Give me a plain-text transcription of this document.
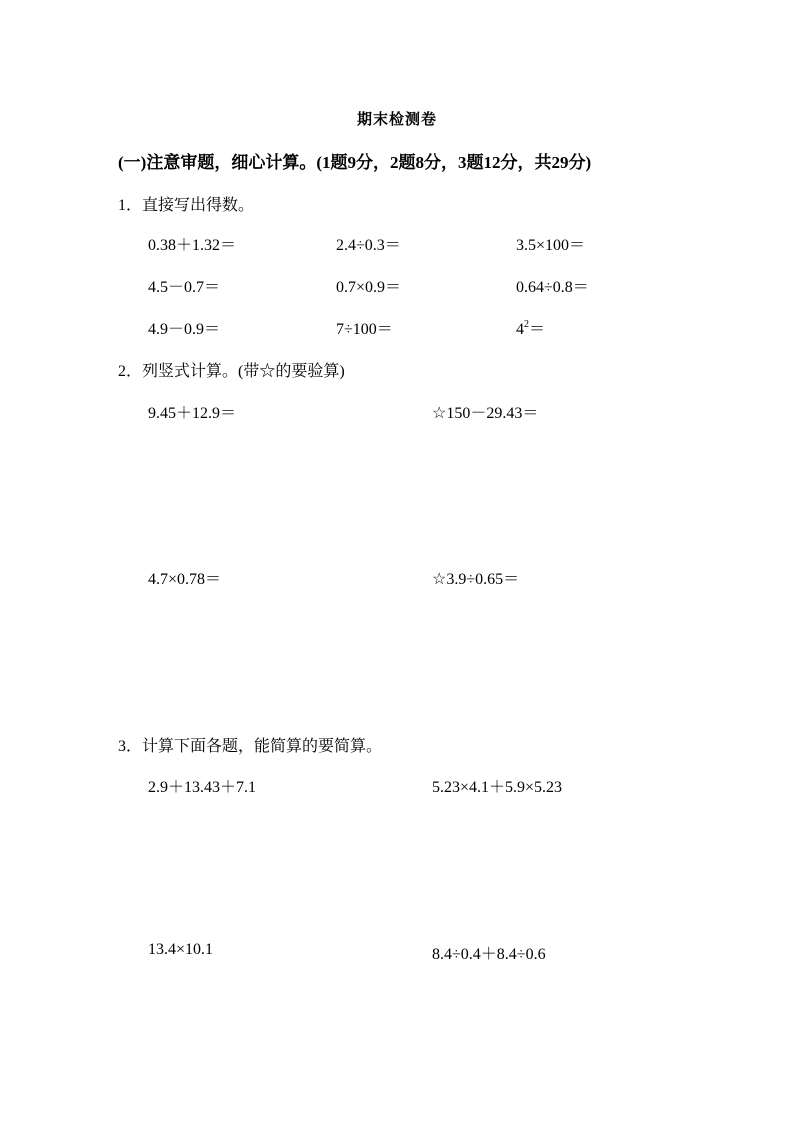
期末检测卷
(一)注意审题，细心计算。(1题9分，2题8分，3题12分，共29分)
1．直接写出得数。
0.38＋1.32＝	2.4÷0.3＝	3.5×100＝
4.5－0.7＝	0.7×0.9＝	0.64÷0.8＝
4.9－0.9＝	7÷100＝	$4^2=$
2．列竖式计算。(带☆的要验算)
9.45＋12.9＝	☆150－29.43＝
4.7×0.78＝	☆3.9÷0.65＝
3．计算下面各题，能简算的要简算。
2.9＋13.43＋7.1	5.23×4.1＋5.9×5.23
13.4×10.1	8.4÷0.4＋8.4÷0.6
